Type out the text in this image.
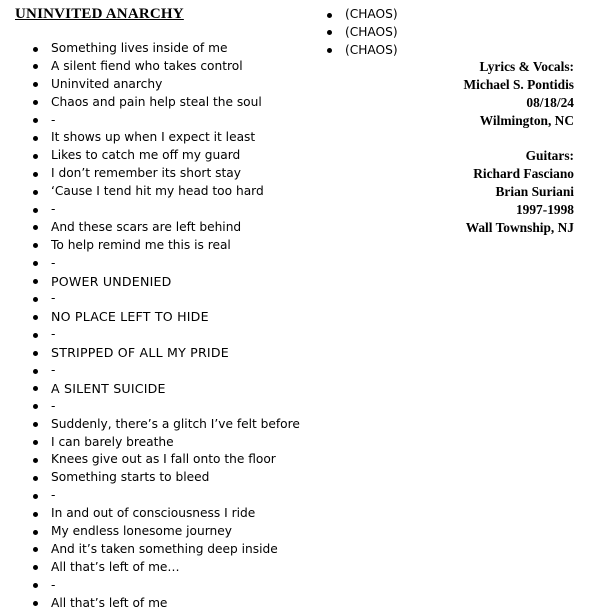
UNINVITED ANARCHY
Something lives inside of me
A silent fiend who takes control
Uninvited anarchy
Chaos and pain help steal the soul
-
It shows up when I expect it least
Likes to catch me off my guard
I don’t remember its short stay
‘Cause I tend hit my head too hard
-
And these scars are left behind
To help remind me this is real
-
POWER UNDENIED
-
NO PLACE LEFT TO HIDE
-
STRIPPED OF ALL MY PRIDE
-
A SILENT SUICIDE
-
Suddenly, there’s a glitch I’ve felt before
I can barely breathe
Knees give out as I fall onto the floor
Something starts to bleed
-
In and out of consciousness I ride
My endless lonesome journey
And it’s taken something deep inside
All that’s left of me…
-
All that’s left of me
(CHAOS)
(CHAOS)
(CHAOS)
Lyrics & Vocals:
Michael S. Pontidis
08/18/24
Wilmington, NC
Guitars:
Richard Fasciano
Brian Suriani
1997-1998
Wall Township, NJ
